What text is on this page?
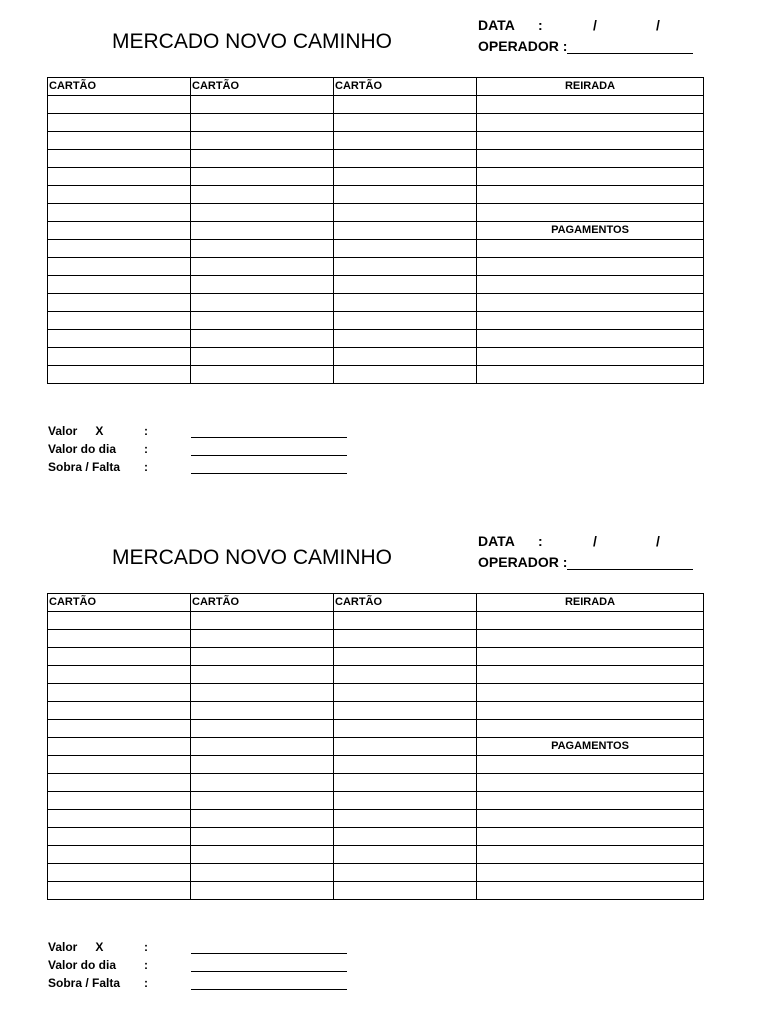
MERCADO NOVO CAMINHO
DATA :	/	/
OPERADOR :
CARTÃO	CARTÃO	CARTÃO	REIRADA

			PAGAMENTOS

Valor X	:
Valor do dia :
Sobra / Falta :
MERCADO NOVO CAMINHO
DATA :	/	/
OPERADOR :
CARTÃO	CARTÃO	CARTÃO	REIRADA

			PAGAMENTOS

Valor X	:
Valor do dia :
Sobra / Falta :
